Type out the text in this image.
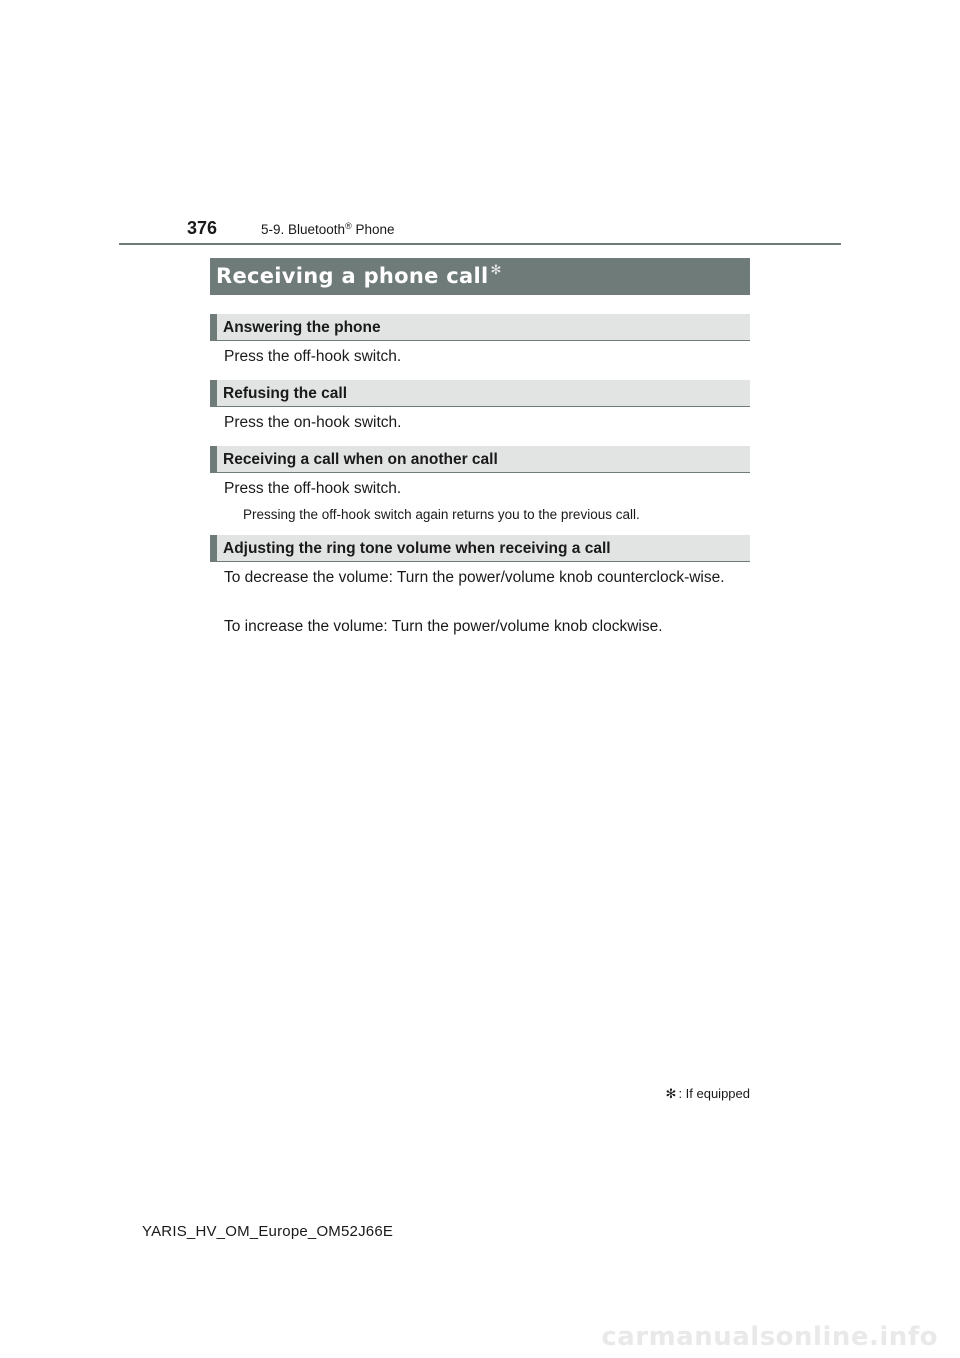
376	5-9. Bluetooth® Phone
Receiving a phone call ✻
Answering the phone
Press the off-hook switch.
Refusing the call
Press the on-hook switch.
Receiving a call when on another call
Press the off-hook switch.
Pressing the off-hook switch again returns you to the previous call.
Adjusting the ring tone volume when receiving a call
To decrease the volume: Turn the power/volume knob counterclock-wise.
To increase the volume: Turn the power/volume knob clockwise.
✻ : If equipped
YARIS_HV_OM_Europe_OM52J66E
carmanualsonline.info
